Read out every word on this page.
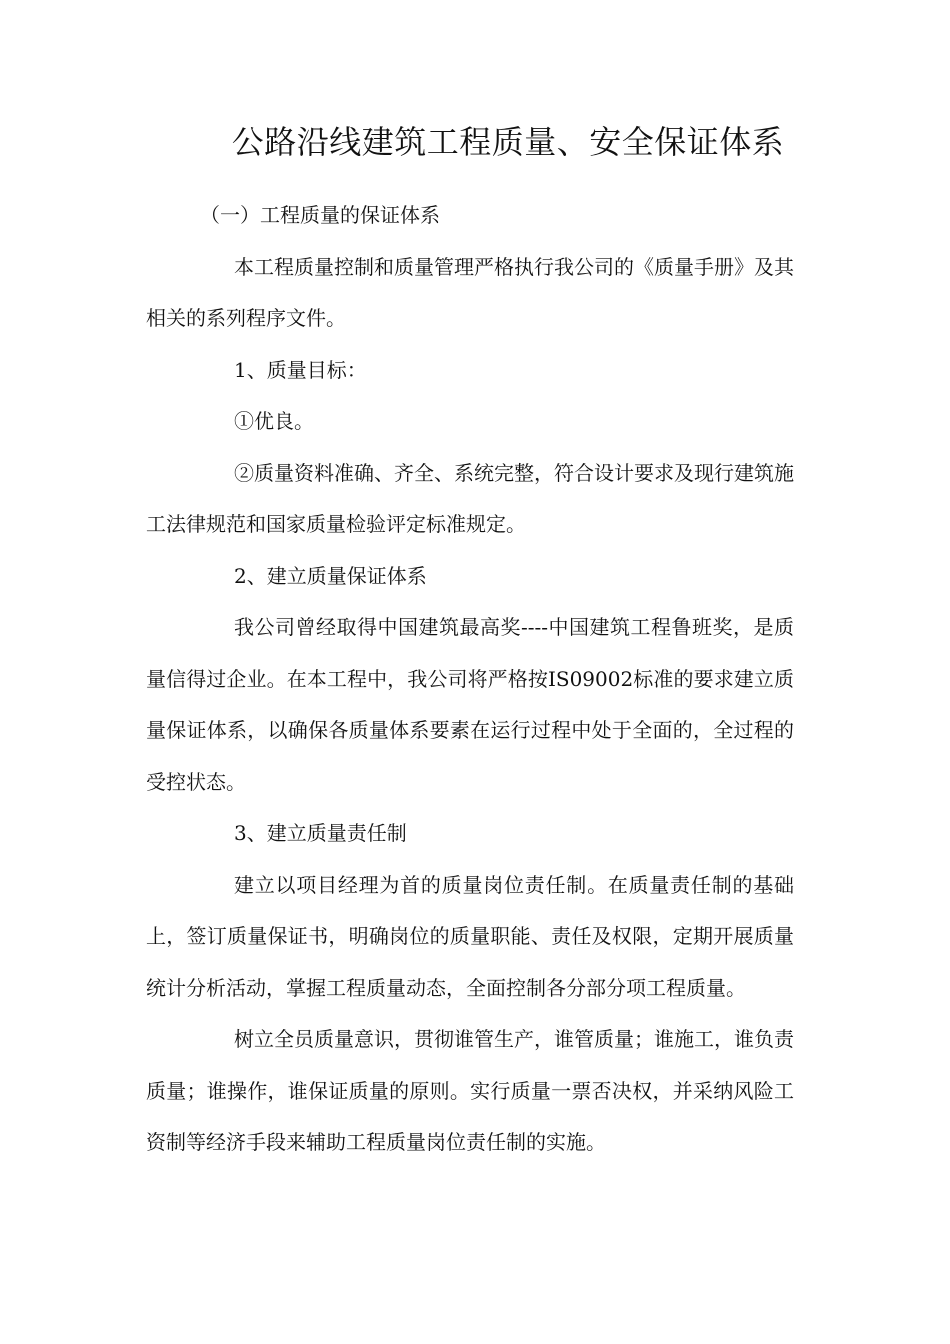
公路沿线建筑工程质量、安全保证体系

（一）工程质量的保证体系

本工程质量控制和质量管理严格执行我公司的《质量手册》及其相关的系列程序文件。

1、质量目标：

①优良。

②质量资料准确、齐全、系统完整，符合设计要求及现行建筑施工法律规范和国家质量检验评定标准规定。

2、建立质量保证体系

我公司曾经取得中国建筑最高奖----中国建筑工程鲁班奖，是质量信得过企业。在本工程中，我公司将严格按IS09002标准的要求建立质量保证体系，以确保各质量体系要素在运行过程中处于全面的，全过程的受控状态。

3、建立质量责任制

建立以项目经理为首的质量岗位责任制。在质量责任制的基础上，签订质量保证书，明确岗位的质量职能、责任及权限，定期开展质量统计分析活动，掌握工程质量动态，全面控制各分部分项工程质量。

树立全员质量意识，贯彻谁管生产，谁管质量；谁施工，谁负责质量；谁操作，谁保证质量的原则。实行质量一票否决权，并采纳风险工资制等经济手段来辅助工程质量岗位责任制的实施。
